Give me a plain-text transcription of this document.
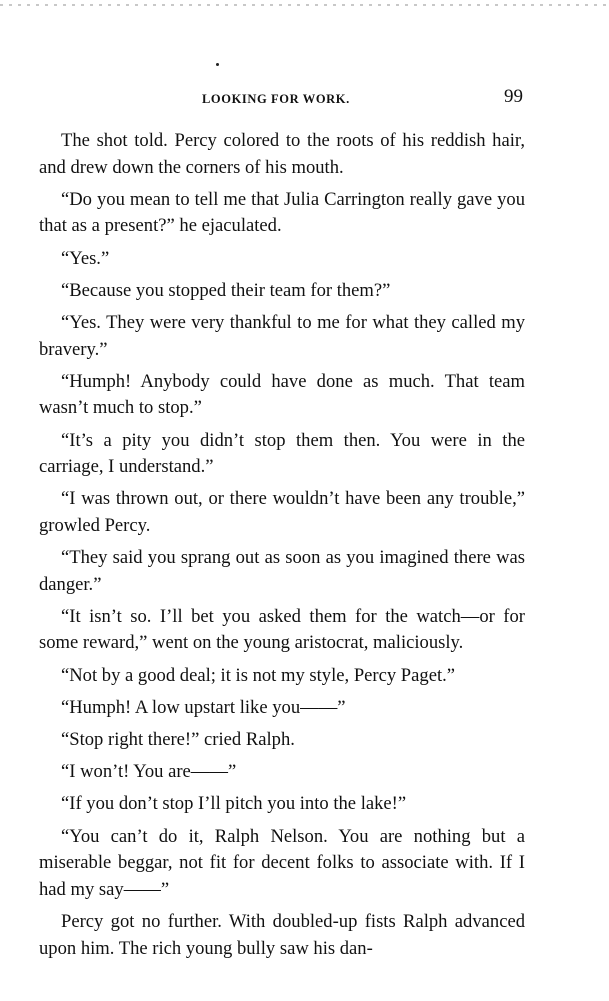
LOOKING FOR WORK.	99

The shot told. Percy colored to the roots of his reddish hair, and drew down the corners of his mouth.

“Do you mean to tell me that Julia Carrington really gave you that as a present?” he ejaculated.

“Yes.”

“Because you stopped their team for them?”

“Yes. They were very thankful to me for what they called my bravery.”

“Humph! Anybody could have done as much. That team wasn’t much to stop.”

“It’s a pity you didn’t stop them then. You were in the carriage, I understand.”

“I was thrown out, or there wouldn’t have been any trouble,” growled Percy.

“They said you sprang out as soon as you imagined there was danger.”

“It isn’t so. I’ll bet you asked them for the watch—or for some reward,” went on the young aristocrat, maliciously.

“Not by a good deal; it is not my style, Percy Paget.”

“Humph! A low upstart like you——”

“Stop right there!” cried Ralph.

“I won’t! You are——”

“If you don’t stop I’ll pitch you into the lake!”

“You can’t do it, Ralph Nelson. You are nothing but a miserable beggar, not fit for decent folks to associate with. If I had my say——”

Percy got no further. With doubled-up fists Ralph advanced upon him. The rich young bully saw his dan-
